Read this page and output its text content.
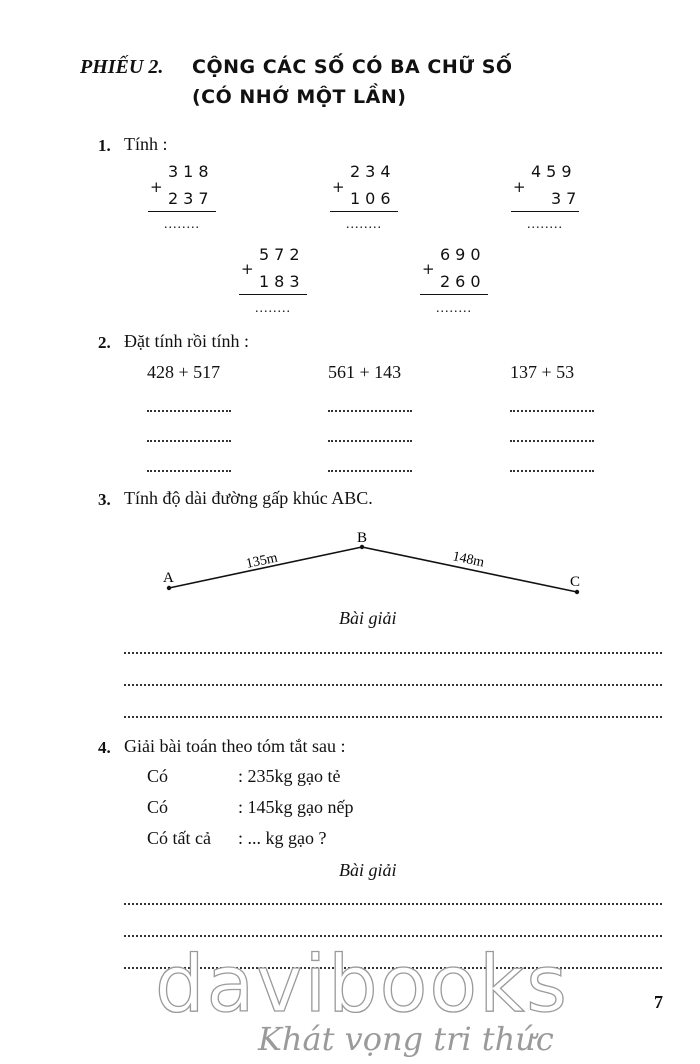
PHIẾU 2. CỘNG CÁC SỐ CÓ BA CHỮ SỐ
(CÓ NHỚ MỘT LẦN)
1. Tính :
+
318
237
........
+
234
106
........
+
459
37
........
+
572
183
........
+
690
260
........
2. Đặt tính rồi tính :
428 + 517	561 + 143	137 + 53
3. Tính độ dài đường gấp khúc ABC.
A
B
C
135m	148m
Bài giải
4. Giải bài toán theo tóm tắt sau :
Có	: 235kg gạo tẻ
Có	: 145kg gạo nếp
Có tất cả : ... kg gạo ?
Bài giải
7
davibooks
Khát vọng tri thức
